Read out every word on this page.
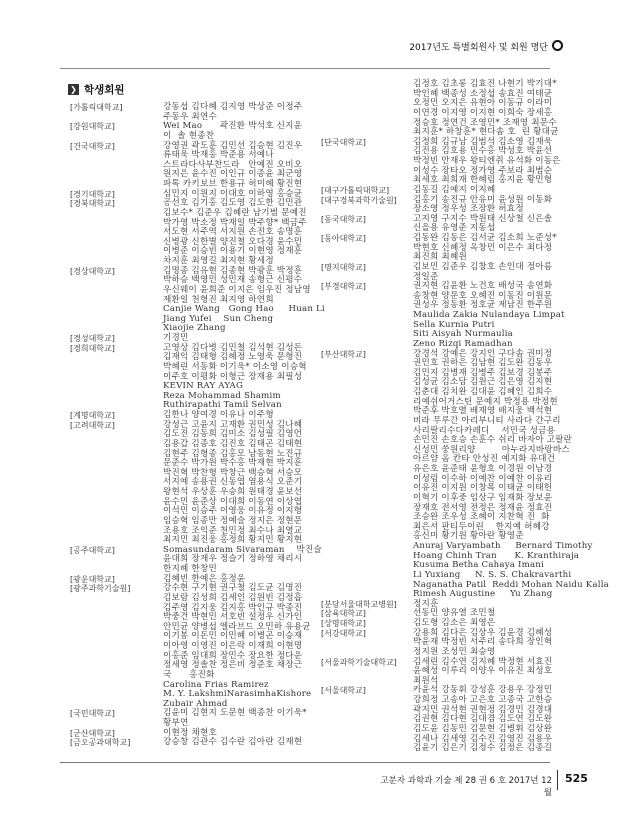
2017년도 특별회원사 및 회원 명단
❯ 학생회원
[가톨릭대학교]	강동섭 김다혜 김지영 박상준 이정주
주동우 최연수
[강원대학교]	Wei Mao      곽진환 박석호 신지윤
이  솔 현종찬
[건국대학교]	강영권 곽도훈 김민선 김승현 김진우
류태욱 박재홍 박준용 서예나
스트라다사부찬드라   안예진 오비오
원지은 윤수진 이인규 이종윤 최군영
파톡 카키보브 한용규 허미혜 황진현
[경기대학교]	심민지 이원지 이대호 이하영 홍승균
[경북대학교]	공선호 김기홍 김도영 김도한 김민관
김보수* 김준우 김혜란 남기범 문예진
박가영 박소정 박재일 박주향* 백금주
서도현 서주역 서지원 손진호 송명훈
신병광 신한별 양진철 오다경 윤수민
이병준 이승빈 이용기 이현영 정재훈
차지훈 최영길 최지현 황세정
[경상대학교]	김명종 김유현 김종현 박광훈 박정훈
박하승 백영민 성민재 송형근 신평수
우신웨이 윤희준 이지은 임우진 정남영
제환일 천형진 최지영 하연희
Canjie Wang   Gong Hao     Huan Li
Jiang Yufei    Sun Cheng
Xiaojie Zhang
[경성대학교]	기경민
[경희대학교]	고영상 김다병 김민철 김석현 김성돈
김재익 김태형 김혜정 노영욱 문형진
박혜린 서동화 이기욱* 이소영 이승혁
이주호 이평화 이형근 장재용 최필성
KEVIN RAY AYAG
Reza Mohammad Shamim
Ruthirapathi Tamil Selvan
[계명대학교]	김한나 양여경 이유나 이주형
[고려대학교]	강성근 고윤지 고재환 권민성 김나혜
김도진 김동희 김미소 김성필 김영언
김용갑 김종호 김진호 김태곤 김태현
김현주 김형종 김홍모 남동현 노진규
문준수 박가원 박수홍 박재현 박지훈
박진혁 박찬형 박창근 백승혁 서승모
서지예 송용권 신동엽 염용식 오준기
왕현석 우상훈 우승희 원태경 윤보선
윤수민 윤준상 이대희 이동연 이상엽
이석민 이승주 이영웅 이유정 이지형
임승혁 임종만 정예슬 정지은 정현문
조용호 조익준 천민정 최수나 최열교
최지민 최진웅 홍정희 황지민 황지현
[공주대학교]	Somasundaram Sivaraman    박진슬
윤대희 장재우 정슬기 정하영 채리시
한지혜 한창민
[광운대학교]	김혜빈 한예은 홍정윤
[광주과학기술원]	강수현 구기현 권구철 김도균 김명진
김보람 김성희 김세인 김원빈 김정흡
김주영 김지웅 김지홍 박인규 박종진
박중건 박현민 서호빈 설정우 신가인
안민균 양병섭 엘라브드 오민하 유용균
이기봉 이돈민 이민혜 이병곤 이승재
이아영 이영진 이은락 이재희 이현명
이홍준 임대희 장민수 장요한 정다운
정세영 정솔찬 정은비 정준호 채장근
국      홍진화
Carolina Frias Ramirez
M. Y. LakshmiNarasimhaKishore
Zubair Ahmad
[국민대학교]	김윤미 김현지 도문현 백종찬 이기욱*
황부연
[군산대학교]	이현정 채현호
[금오공과대학교]	강승창 김관수 김수란 김아란 김재현
김정호 김초롱 김효진 나현기 박기대*
박인혜 백종성 소정섭 송효진 여태균
오정민 오지은 유현아 이동규 이라미
이연경 이지영 이지현 이희숙 장세홍
정승호 정연건 조영민* 조재영 최문수
최지훈* 하창훈* 현다솜 호  린 황대균
[단국대학교]	김정희 김규남 김범석 김소영 김재욱
김진용 김호용 민수홍 박성호 박윤선
박정빈 안재우 왕티엔쥐 유석화 이동은
이성수 장타오 정가영 주보라 최범순
최세호 최희재 한혜림 홍지윤 황민형
[대구가톨릭대학교]	김동길 김예지 이지혜
[대구경북과학기술원]	김홍기 송진규 안유미 윤성원 이동화
장소영 정우성 조장환 허효정
[동국대학교]	고지영 구지수 박원태 신상철 신은솔
신을용 유영준 지동섭
[동아대학교]	김동완 김동은 김서균 김소희 노준성*
박현호 신혜정 옥창민 이은수 최다정
최진희 최혜원
[명지대학교]	김보민 김준우 김창호 손인대 정아름
정일준
[부경대학교]	권지현 김윤환 노건호 배성국 송연화
송창현 양문호 오혜진 이동진 이원문
권성우 정동환 정호균 제남진 한주원
Maulida Zakia Nulandaya Limpat
Sella Kurnia Putri
Siti Aisyah Nurmaulia
Zeno Rizqi Ramadhan
[부산대학교]	강경석 강예은 강지인 구다솜 권미정
권민호 권하은 김남현 김도완 김동우
김민지 김병재 김병주 김보경 김봉주
김성균 김소담 김원근 김은영 김지현
김춘대 김치완 김대윤 김혜인 김희수
리예쉬어거스틴 문예지 박정용 박정현
박준후 박호열 배재영 배지웅 백석현
비라 무루간 아리부니티 사라다 간구리
사리팔리수다카레디    서민국 성금용
손민진 손호승 손훈수 쉬리 바자아 고팔란
신성민 쑹원리양         아누라지바랑바스
아르얌 옴 칸타 안성진 예지화 유대건
유은호 윤준태 윤형호 이경원 이남경
이성림 이수하 이예찬 이예찬 이유리
이유진 이지원 이창목 이태균 이태헌
이혁기 이후중 임상구 임재화 장보윤
장재호 전서영 전정은 정재윤 정효진
조승완 조우성 조혜이 지찬혁 진  화
최은서 판티두이린    한지예 허혜강
홍신미 황기원 황아란 황영준
Anuraj Varyambath     Bernard Timothy
Hoang Chinh Tran      K. Kranthiraja
Kusuma Betha Cahaya Imani
Li Yuxiang     N. S. S. Chakravarthi
Naganatha Patil  Reddi Mohan Naidu Kalla
Rimesh Augustine     Yu Zhang
[분당서울대학교병원]	정지훈
[삼육대학교]	선동민 양유열 조민철
[상명대학교]	김도형 김소은 최영은
[서강대학교]	강용희 김다은 김상우 김윤경 김혜성
박윤재 박정빈 서주리 송다희 장인혁
정지원 조성민 최승영
[서울과학기술대학교]	김세린 김수연 김지혜 박정현 서효진
윤혜성 이루리 이양우 이유진 최성호
최원석
[서울대학교]	카윤석 강동휘 강성훈 강용우 강정민
강희정 고송아 고은호 고종국 고한승
곽지민 권석현 권현정 김경민 김경대
김권현 김다현 김대겸 김도연 김도완
김도윤 김동민 김문현 김병휘 김상완
김세나 김세영 김수진 김영진 김용우
김윤기 김은기 김정수 김정은 김종길
고분자 과학과 기술 제 28 권 6 호 2017년 12월
525
